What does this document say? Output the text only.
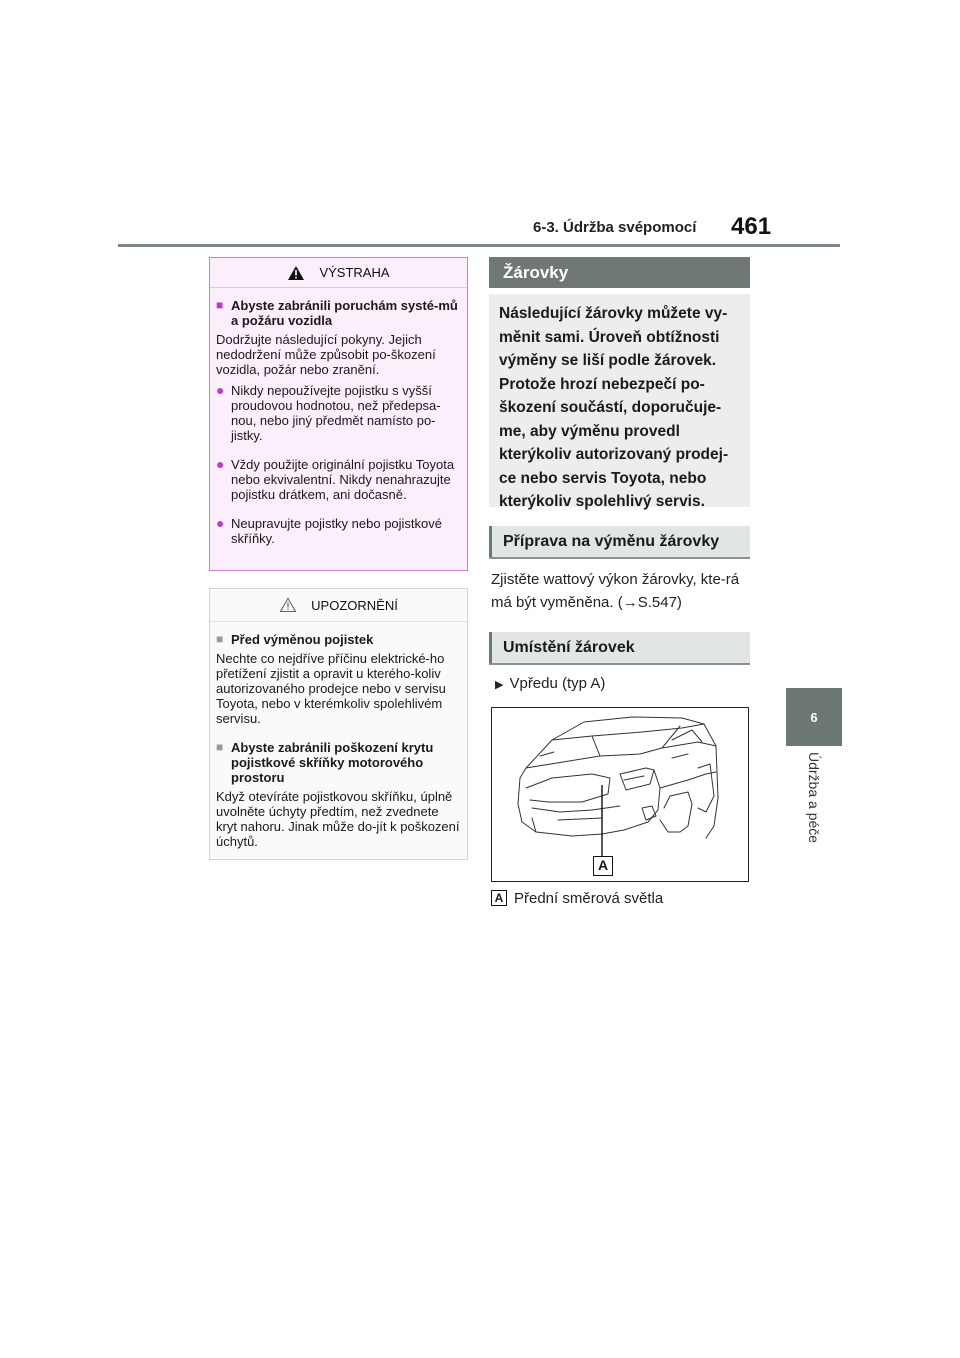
6-3. Údržba svépomocí 461
6
Údržba a péče
VÝSTRAHA
■ Abyste zabránili poruchám systé-mů a požáru vozidla
Dodržujte následující pokyny. Jejich nedodržení může způsobit po-škození vozidla, požár nebo zranění.
● Nikdy nepoužívejte pojistku s vyšší proudovou hodnotou, než předepsa-nou, nebo jiný předmět namísto po-jistky.
● Vždy použijte originální pojistku Toyota nebo ekvivalentní. Nikdy nenahrazujte pojistku drátkem, ani dočasně.
● Neupravujte pojistky nebo pojistkové skříňky.
UPOZORNĚNÍ
■ Před výměnou pojistek
Nechte co nejdříve příčinu elektrické-ho přetížení zjistit a opravit u kterého-koliv autorizovaného prodejce nebo v servisu Toyota, nebo v kterémkoliv spolehlivém servisu.
■ Abyste zabránili poškození krytu pojistkové skříňky motorového prostoru
Když otevíráte pojistkovou skříňku, úplně uvolněte úchyty předtím, než zvednete kryt nahoru. Jinak může do-jít k poškození úchytů.
Žárovky
Následující žárovky můžete vy-měnit sami. Úroveň obtížnosti výměny se liší podle žárovek. Protože hrozí nebezpečí po-škození součástí, doporučuje-me, aby výměnu provedl kterýkoliv autorizovaný prodej-ce nebo servis Toyota, nebo kterýkoliv spolehlivý servis.
Příprava na výměnu žárovky
Zjistěte wattový výkon žárovky, kte-rá má být vyměněna. (→S.547)
Umístění žárovek
▶ Vpředu (typ A)
A
A Přední směrová světla
